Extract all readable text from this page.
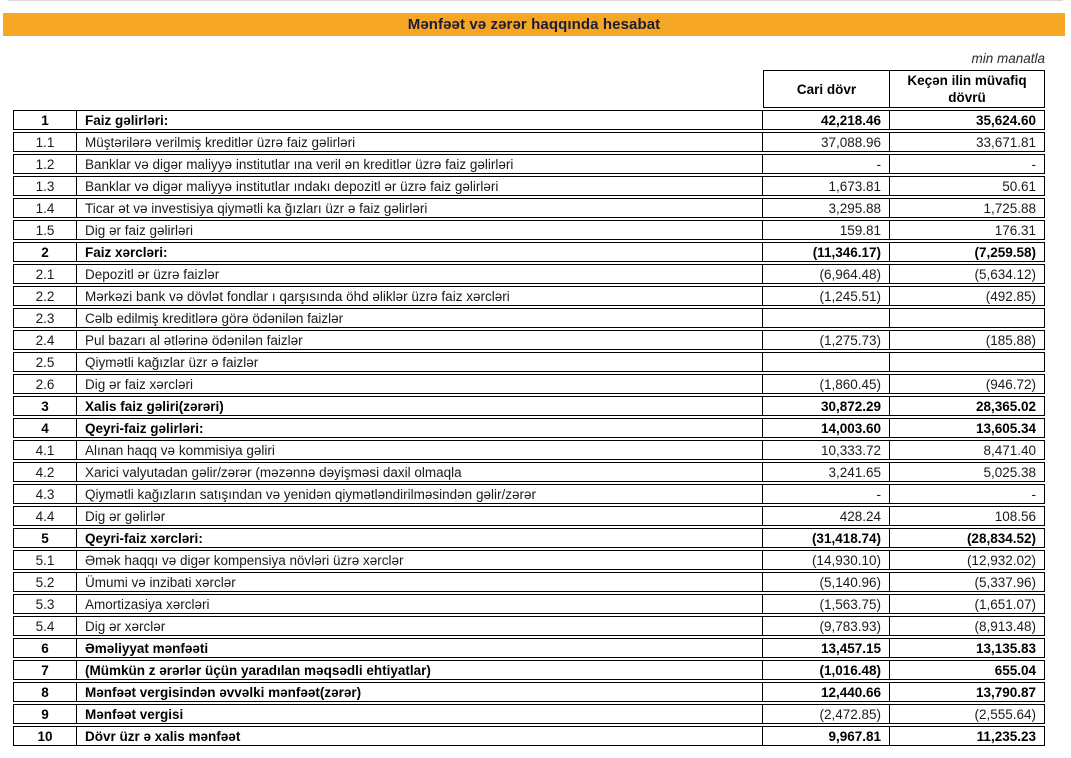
Mənfəət və zərər haqqında hesabat
min manatla
Cari dövr
Keçən ilin müvafiq dövrü
1	Faiz gəlirləri:	42,218.46	35,624.60
1.1	Müştərilərə verilmiş kreditlər üzrə faiz gəlirləri	37,088.96	33,671.81
1.2	Banklar və digər maliyyə institutlar ına veril ən kreditlər üzrə faiz gəlirləri	-	-
1.3	Banklar və digər maliyyə institutlar ındakı depozitl ər üzrə faiz gəlirləri	1,673.81	50.61
1.4	Ticar ət və investisiya qiymətli ka ğızları üzr ə faiz gəlirləri	3,295.88	1,725.88
1.5	Dig ər faiz gəlirləri	159.81	176.31
2	Faiz xərcləri:	(11,346.17)	(7,259.58)
2.1	Depozitl ər üzrə faizlər	(6,964.48)	(5,634.12)
2.2	Mərkəzi bank və dövlət fondlar ı qarşısında öhd əliklər üzrə faiz xərcləri	(1,245.51)	(492.85)
2.3	Cəlb edilmiş kreditlərə görə ödənilən faizlər
2.4	Pul bazarı al ətlərinə ödənilən faizlər	(1,275.73)	(185.88)
2.5	Qiymətli kağızlar üzr ə faizlər
2.6	Dig ər faiz xərcləri	(1,860.45)	(946.72)
3	Xalis faiz gəliri(zərəri)	30,872.29	28,365.02
4	Qeyri-faiz gəlirləri:	14,003.60	13,605.34
4.1	Alınan haqq və kommisiya gəliri	10,333.72	8,471.40
4.2	Xarici valyutadan gəlir/zərər (məzənnə dəyişməsi daxil olmaqla	3,241.65	5,025.38
4.3	Qiymətli kağızların satışından və yenidən qiymətləndirilməsindən gəlir/zərər	-	-
4.4	Dig ər gəlirlər	428.24	108.56
5	Qeyri-faiz xərcləri:	(31,418.74)	(28,834.52)
5.1	Əmək haqqı və digər kompensiya növləri üzrə xərclər	(14,930.10)	(12,932.02)
5.2	Ümumi və inzibati xərclər	(5,140.96)	(5,337.96)
5.3	Amortizasiya xərcləri	(1,563.75)	(1,651.07)
5.4	Dig ər xərclər	(9,783.93)	(8,913.48)
6	Əməliyyat mənfəəti	13,457.15	13,135.83
7	(Mümkün z ərərlər üçün yaradılan məqsədli ehtiyatlar)	(1,016.48)	655.04
8	Mənfəət vergisindən əvvəlki mənfəət(zərər)	12,440.66	13,790.87
9	Mənfəət vergisi	(2,472.85)	(2,555.64)
10	Dövr üzr ə xalis mənfəət	9,967.81	11,235.23
